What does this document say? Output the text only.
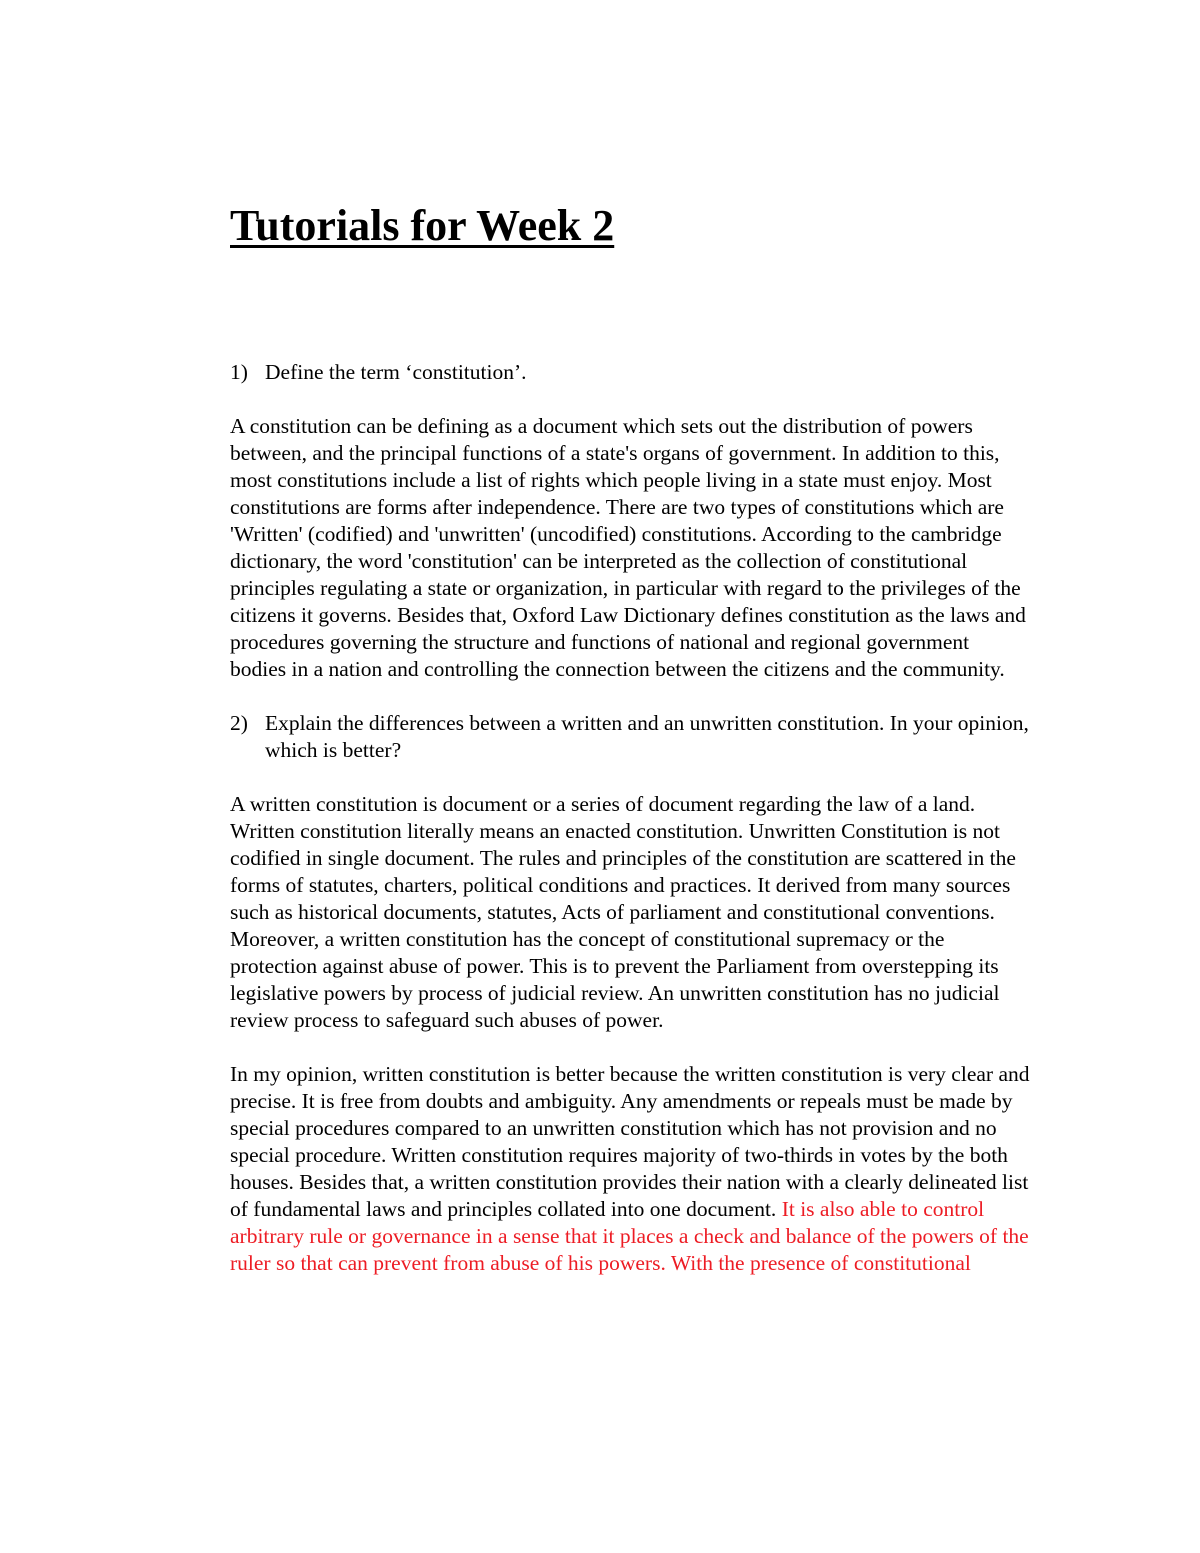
Tutorials for Week 2
1) Define the term ‘constitution’.

A constitution can be defining as a document which sets out the distribution of powers between, and the principal functions of a state's organs of government. In addition to this, most constitutions include a list of rights which people living in a state must enjoy. Most constitutions are forms after independence. There are two types of constitutions which are 'Written' (codified) and 'unwritten' (uncodified) constitutions. According to the cambridge dictionary, the word 'constitution' can be interpreted as the collection of constitutional principles regulating a state or organization, in particular with regard to the privileges of the citizens it governs. Besides that, Oxford Law Dictionary defines constitution as the laws and procedures governing the structure and functions of national and regional government bodies in a nation and controlling the connection between the citizens and the community.

2) Explain the differences between a written and an unwritten constitution. In your opinion, which is better?

A written constitution is document or a series of document regarding the law of a land. Written constitution literally means an enacted constitution. Unwritten Constitution is not codified in single document. The rules and principles of the constitution are scattered in the forms of statutes, charters, political conditions and practices. It derived from many sources such as historical documents, statutes, Acts of parliament and constitutional conventions. Moreover, a written constitution has the concept of constitutional supremacy or the protection against abuse of power. This is to prevent the Parliament from overstepping its legislative powers by process of judicial review. An unwritten constitution has no judicial review process to safeguard such abuses of power.

In my opinion, written constitution is better because the written constitution is very clear and precise. It is free from doubts and ambiguity. Any amendments or repeals must be made by special procedures compared to an unwritten constitution which has not provision and no special procedure. Written constitution requires majority of two-thirds in votes by the both houses. Besides that, a written constitution provides their nation with a clearly delineated list of fundamental laws and principles collated into one document. It is also able to control arbitrary rule or governance in a sense that it places a check and balance of the powers of the ruler so that can prevent from abuse of his powers. With the presence of constitutional
